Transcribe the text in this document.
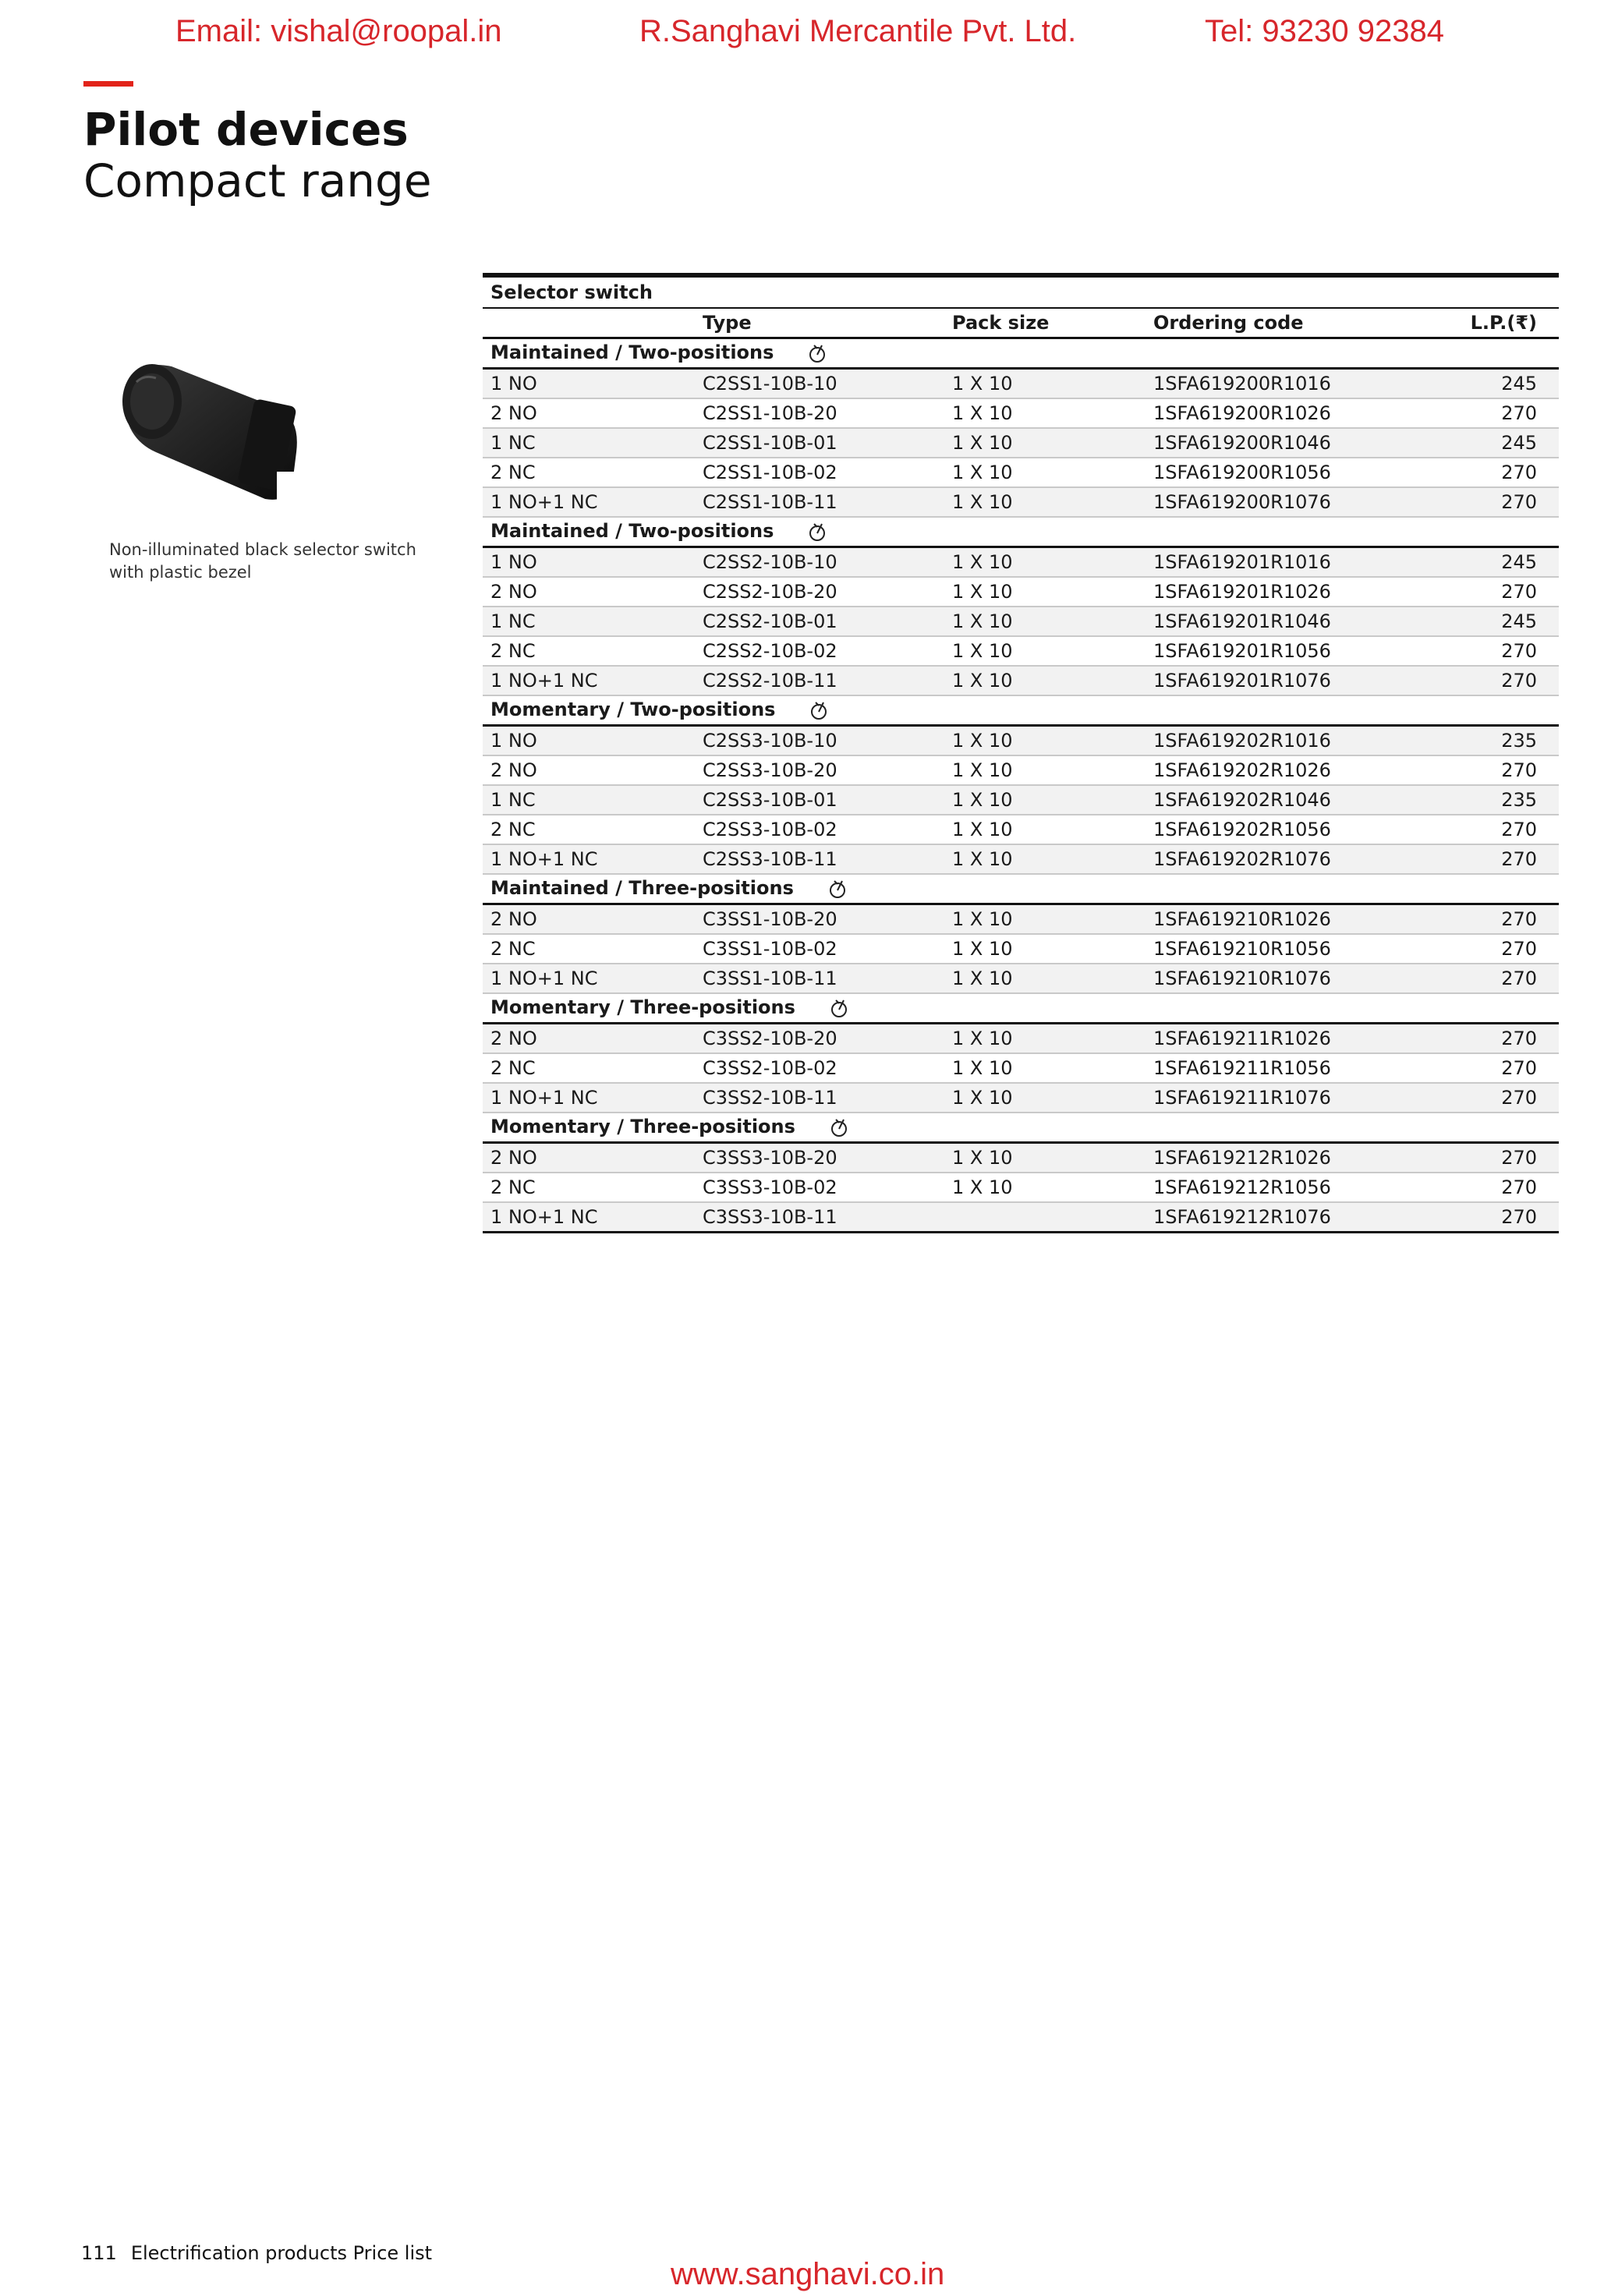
Email: vishal@roopal.in	R.Sanghavi Mercantile Pvt. Ltd.	Tel: 93230 92384
Pilot devices
Compact range
Non-illuminated black selector switch
with plastic bezel
Selector switch				
	Type	Pack size	Ordering code	L.P.(₹)
Maintained / Two-positions				
1 NO	C2SS1-10B-10	1 X 10	1SFA619200R1016	245
2 NO	C2SS1-10B-20	1 X 10	1SFA619200R1026	270
1 NC	C2SS1-10B-01	1 X 10	1SFA619200R1046	245
2 NC	C2SS1-10B-02	1 X 10	1SFA619200R1056	270
1 NO+1 NC	C2SS1-10B-11	1 X 10	1SFA619200R1076	270
Maintained / Two-positions				
1 NO	C2SS2-10B-10	1 X 10	1SFA619201R1016	245
2 NO	C2SS2-10B-20	1 X 10	1SFA619201R1026	270
1 NC	C2SS2-10B-01	1 X 10	1SFA619201R1046	245
2 NC	C2SS2-10B-02	1 X 10	1SFA619201R1056	270
1 NO+1 NC	C2SS2-10B-11	1 X 10	1SFA619201R1076	270
Momentary / Two-positions				
1 NO	C2SS3-10B-10	1 X 10	1SFA619202R1016	235
2 NO	C2SS3-10B-20	1 X 10	1SFA619202R1026	270
1 NC	C2SS3-10B-01	1 X 10	1SFA619202R1046	235
2 NC	C2SS3-10B-02	1 X 10	1SFA619202R1056	270
1 NO+1 NC	C2SS3-10B-11	1 X 10	1SFA619202R1076	270
Maintained / Three-positions				
2 NO	C3SS1-10B-20	1 X 10	1SFA619210R1026	270
2 NC	C3SS1-10B-02	1 X 10	1SFA619210R1056	270
1 NO+1 NC	C3SS1-10B-11	1 X 10	1SFA619210R1076	270
Momentary / Three-positions				
2 NO	C3SS2-10B-20	1 X 10	1SFA619211R1026	270
2 NC	C3SS2-10B-02	1 X 10	1SFA619211R1056	270
1 NO+1 NC	C3SS2-10B-11	1 X 10	1SFA619211R1076	270
Momentary / Three-positions				
2 NO	C3SS3-10B-20	1 X 10	1SFA619212R1026	270
2 NC	C3SS3-10B-02	1 X 10	1SFA619212R1056	270
1 NO+1 NC	C3SS3-10B-11		1SFA619212R1076	270
111 Electrification products Price list
www.sanghavi.co.in
